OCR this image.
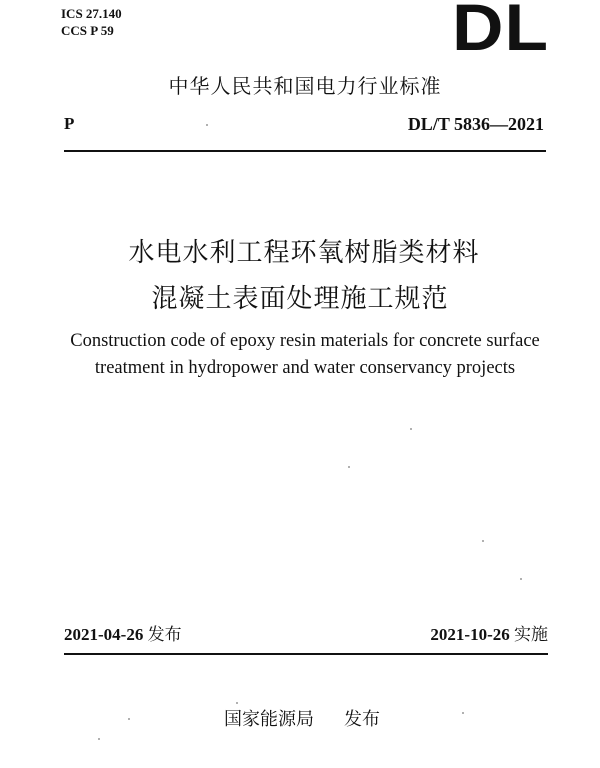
ICS 27.140
CCS P 59	DL
中华人民共和国电力行业标准
P	DL/T 5836—2021
水电水利工程环氧树脂类材料
混凝土表面处理施工规范
Construction code of epoxy resin materials for concrete surface
treatment in hydropower and water conservancy projects
2021-04-26 发布	2021-10-26 实施
国家能源局 发布
